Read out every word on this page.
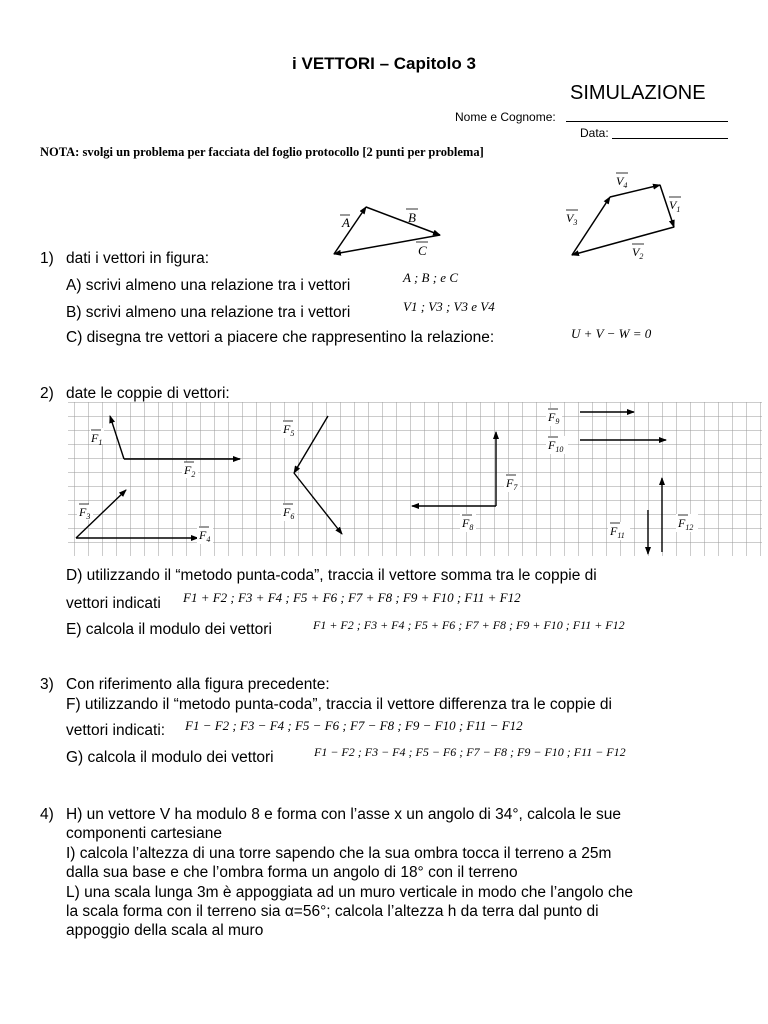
i VETTORI – Capitolo 3
SIMULAZIONE
Nome e Cognome:
Data:
NOTA: svolgi un problema per facciata del foglio protocollo [2 punti per problema]
A	B
C
$V_4$
$V_1$
$V_3$
$V_2$
1) dati i vettori in figura:
A) scrivi almeno una relazione tra i vettori	A ; B ; e C
B) scrivi almeno una relazione tra i vettori	V1 ; V3 ; V3 e V4
C) disegna tre vettori a piacere che rappresentino la relazione:	U + V − W = 0
2) date le coppie di vettori:
$F_1$
$F_2$
$F_3$
$F_4$
$F_5$
$F_6$
$F_7$
$F_8$
$F_9$
$F_{10}$
$F_{11}$
$F_{12}$
D) utilizzando il “metodo punta-coda”, traccia il vettore somma tra le coppie di
vettori indicati F1 + F2 ; F3 + F4 ; F5 + F6 ; F7 + F8 ; F9 + F10 ; F11 + F12
E) calcola il modulo dei vettori	F1 + F2 ; F3 + F4 ; F5 + F6 ; F7 + F8 ; F9 + F10 ; F11 + F12
3) Con riferimento alla figura precedente:
F) utilizzando il “metodo punta-coda”, traccia il vettore differenza tra le coppie di
vettori indicati: F1 − F2 ; F3 − F4 ; F5 − F6 ; F7 − F8 ; F9 − F10 ; F11 − F12
G) calcola il modulo dei vettori	F1 − F2 ; F3 − F4 ; F5 − F6 ; F7 − F8 ; F9 − F10 ; F11 − F12
4) H) un vettore V ha modulo 8 e forma con l’asse x un angolo di 34°, calcola le sue
componenti cartesiane
I) calcola l’altezza di una torre sapendo che la sua ombra tocca il terreno a 25m
dalla sua base e che l’ombra forma un angolo di 18° con il terreno
L) una scala lunga 3m è appoggiata ad un muro verticale in modo che l’angolo che
la scala forma con il terreno sia α=56°; calcola l’altezza h da terra dal punto di
appoggio della scala al muro
